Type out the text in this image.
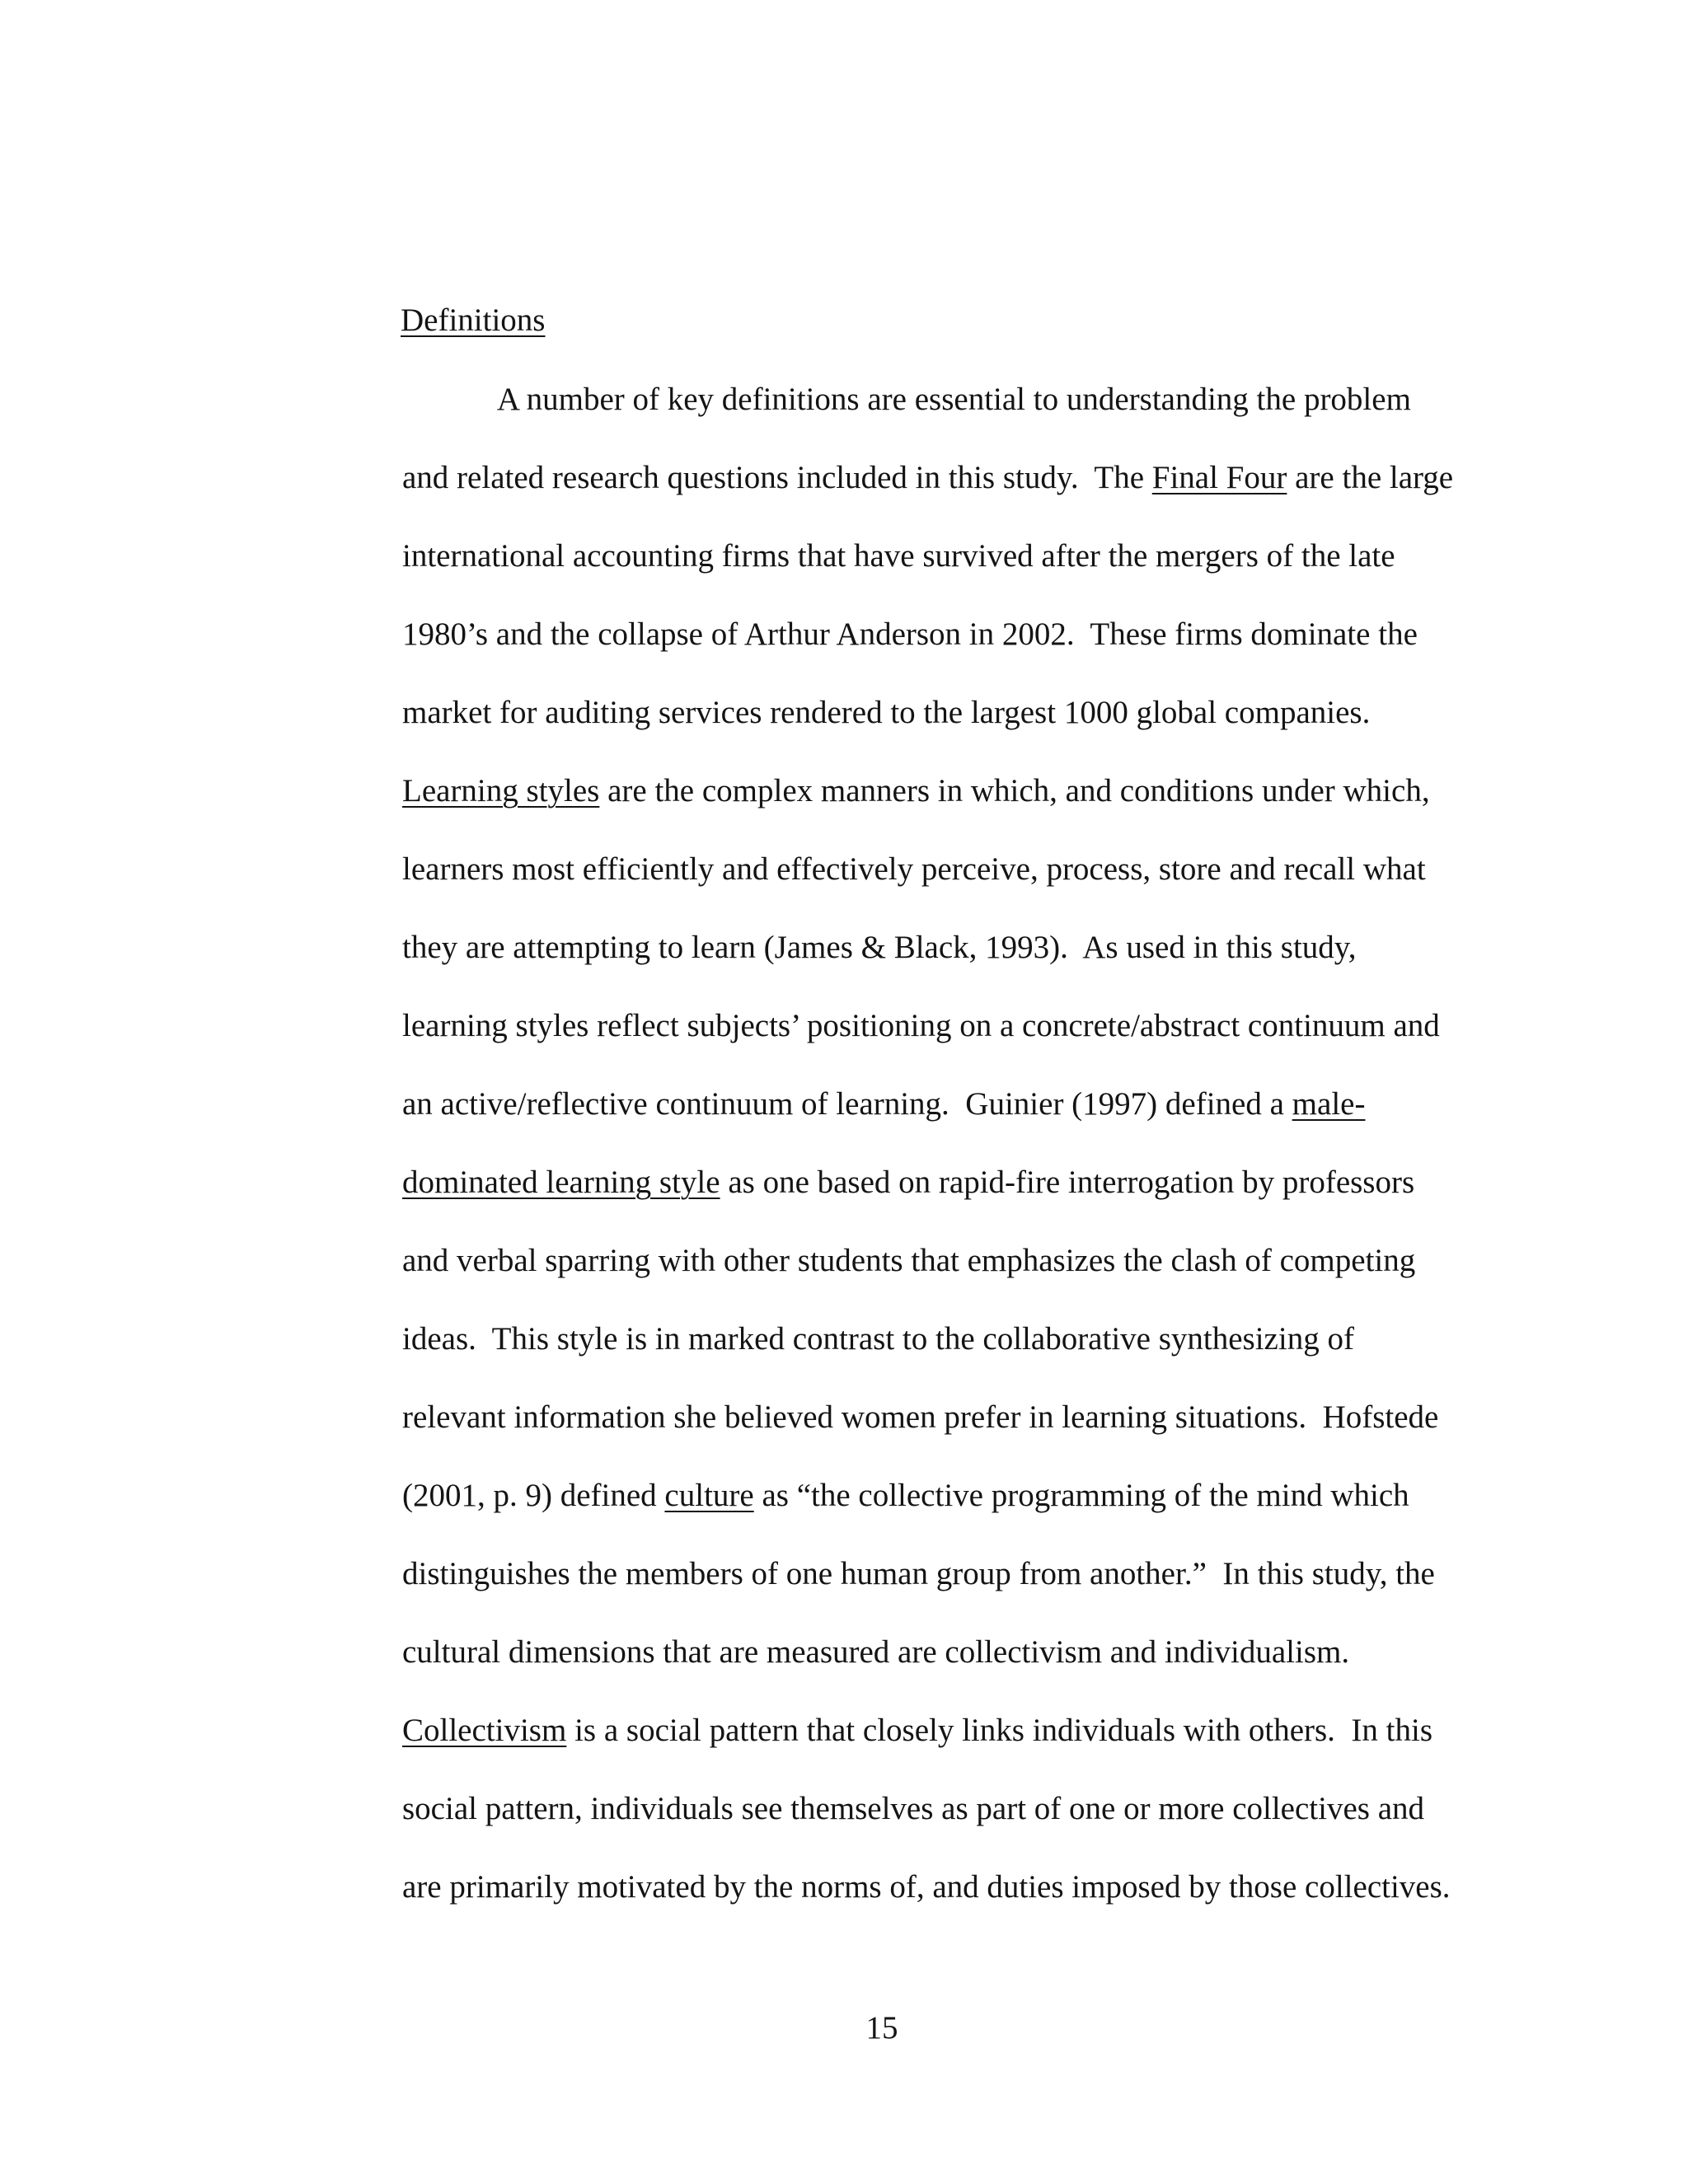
Definitions
A number of key definitions are essential to understanding the problem
and related research questions included in this study.  The Final Four are the large
international accounting firms that have survived after the mergers of the late
1980’s and the collapse of Arthur Anderson in 2002.  These firms dominate the
market for auditing services rendered to the largest 1000 global companies.
Learning styles are the complex manners in which, and conditions under which,
learners most efficiently and effectively perceive, process, store and recall what
they are attempting to learn (James & Black, 1993).  As used in this study,
learning styles reflect subjects’ positioning on a concrete/abstract continuum and
an active/reflective continuum of learning.  Guinier (1997) defined a male-
dominated learning style as one based on rapid-fire interrogation by professors
and verbal sparring with other students that emphasizes the clash of competing
ideas.  This style is in marked contrast to the collaborative synthesizing of
relevant information she believed women prefer in learning situations.  Hofstede
(2001, p. 9) defined culture as “the collective programming of the mind which
distinguishes the members of one human group from another.”  In this study, the
cultural dimensions that are measured are collectivism and individualism.
Collectivism is a social pattern that closely links individuals with others.  In this
social pattern, individuals see themselves as part of one or more collectives and
are primarily motivated by the norms of, and duties imposed by those collectives.
15
